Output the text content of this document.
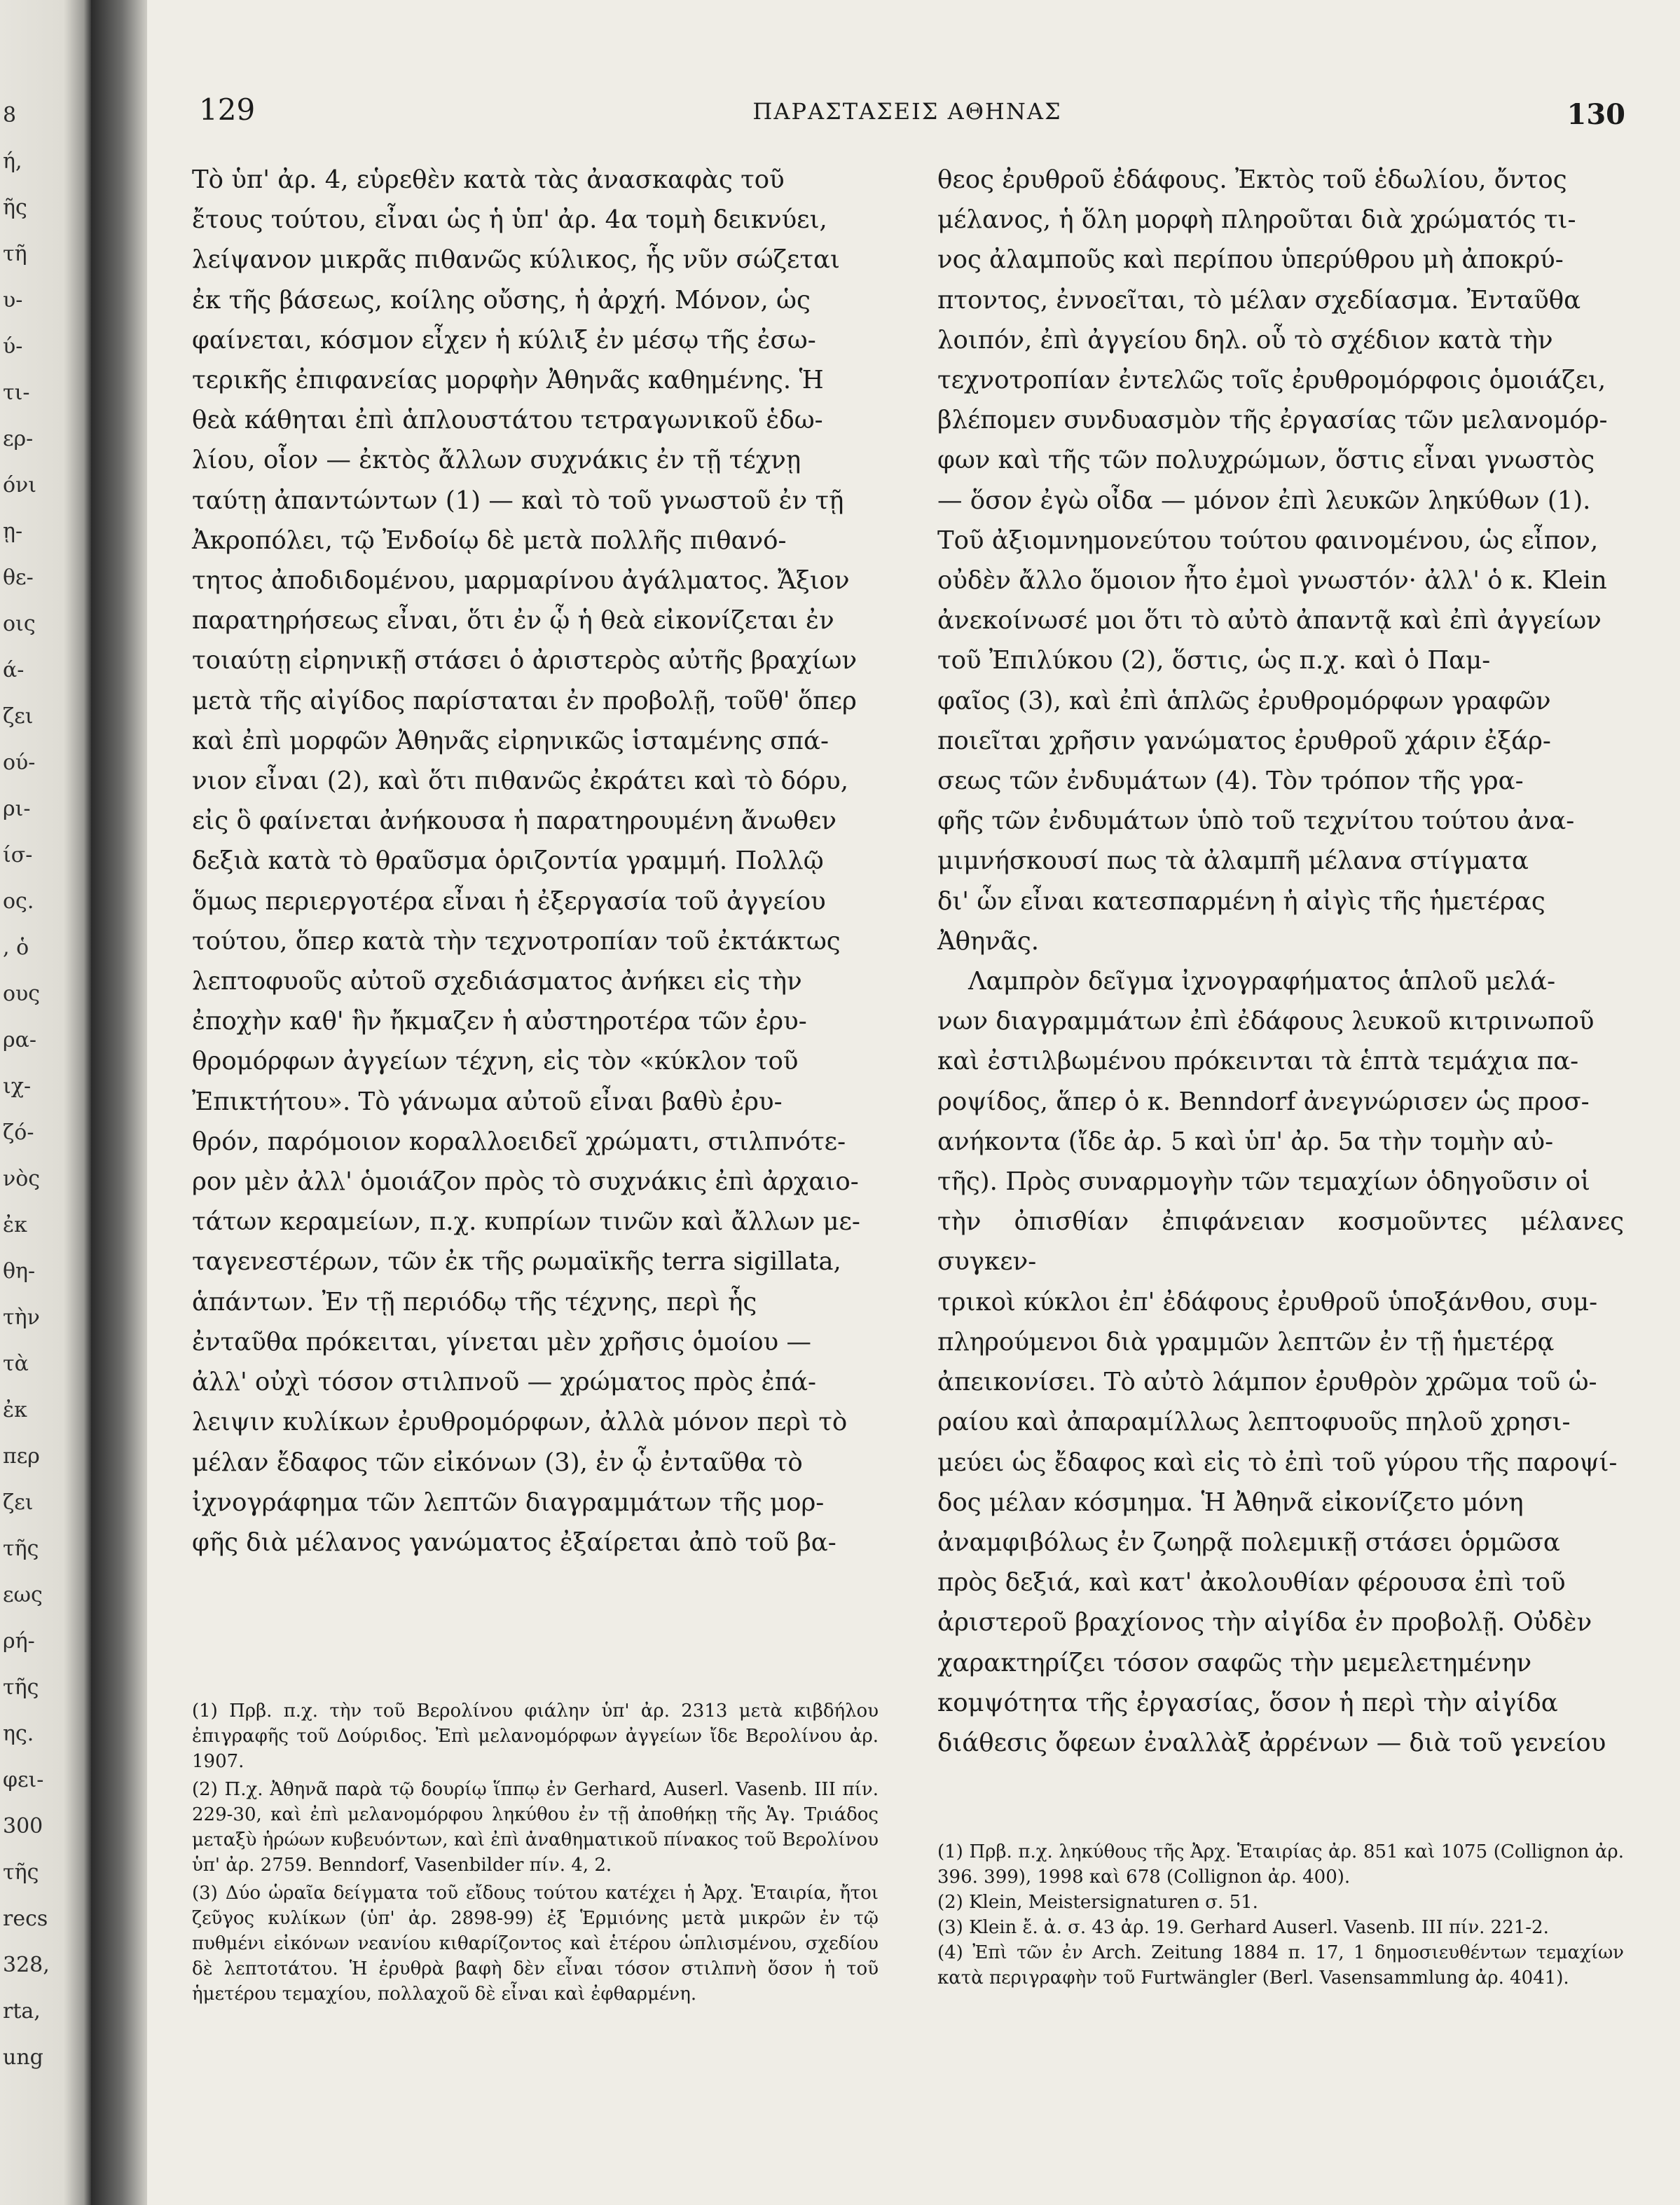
8
ή,
ῆς
τῆ
υ-
ύ-
τι-
ερ-
όνι
ῃ-
θε-
οις
ά-
ζει
ού-
ρι-
ίσ-
ος.
, ὁ
ους
ρα-
ιχ-
ζό-
νὸς
ἐκ
θη-
τὴν
τὰ
ἐκ
περ
ζει
τῆς
εως
ρή-
τῆς
ης.
φει-
300
τῆς
recs
328,
rta,
ung
129	ΠΑΡΑΣΤΑΣΕΙΣ ΑΘΗΝΑΣ	130

Τὸ ὑπ' ἀρ. 4, εὑρεθὲν κατὰ τὰς ἀνασκαφὰς τοῦ

ἔτους τούτου, εἶναι ὡς ἡ ὑπ' ἀρ. 4α τομὴ δεικνύει,

λείψανον μικρᾶς πιθανῶς κύλικος, ἧς νῦν σώζεται

ἐκ τῆς βάσεως, κοίλης οὔσης, ἡ ἀρχή. Μόνον, ὡς

φαίνεται, κόσμον εἶχεν ἡ κύλιξ ἐν μέσῳ τῆς ἐσω-

τερικῆς ἐπιφανείας μορφὴν Ἀθηνᾶς καθημένης. Ἡ

θεὰ κάθηται ἐπὶ ἁπλουστάτου τετραγωνικοῦ ἑδω-

λίου, οἷον — ἐκτὸς ἄλλων συχνάκις ἐν τῇ τέχνῃ

ταύτῃ ἀπαντώντων (1) — καὶ τὸ τοῦ γνωστοῦ ἐν τῇ

Ἀκροπόλει, τῷ Ἐνδοίῳ δὲ μετὰ πολλῆς πιθανό-

τητος ἀποδιδομένου, μαρμαρίνου ἀγάλματος. Ἄξιον

παρατηρήσεως εἶναι, ὅτι ἐν ᾧ ἡ θεὰ εἰκονίζεται ἐν

τοιαύτῃ εἰρηνικῇ στάσει ὁ ἀριστερὸς αὐτῆς βραχίων

μετὰ τῆς αἰγίδος παρίσταται ἐν προβολῇ, τοῦθ' ὅπερ

καὶ ἐπὶ μορφῶν Ἀθηνᾶς εἰρηνικῶς ἱσταμένης σπά-

νιον εἶναι (2), καὶ ὅτι πιθανῶς ἐκράτει καὶ τὸ δόρυ,

εἰς ὃ φαίνεται ἀνήκουσα ἡ παρατηρουμένη ἄνωθεν

δεξιὰ κατὰ τὸ θραῦσμα ὁριζοντία γραμμή. Πολλῷ

ὅμως περιεργοτέρα εἶναι ἡ ἐξεργασία τοῦ ἀγγείου

τούτου, ὅπερ κατὰ τὴν τεχνοτροπίαν τοῦ ἐκτάκτως

λεπτοφυοῦς αὐτοῦ σχεδιάσματος ἀνήκει εἰς τὴν

ἐποχὴν καθ' ἣν ἤκμαζεν ἡ αὐστηροτέρα τῶν ἐρυ-

θρομόρφων ἀγγείων τέχνη, εἰς τὸν «κύκλον τοῦ

Ἐπικτήτου». Τὸ γάνωμα αὐτοῦ εἶναι βαθὺ ἐρυ-

θρόν, παρόμοιον κοραλλοειδεῖ χρώματι, στιλπνότε-

ρον μὲν ἀλλ' ὁμοιάζον πρὸς τὸ συχνάκις ἐπὶ ἀρχαιο-

τάτων κεραμείων, π.χ. κυπρίων τινῶν καὶ ἄλλων με-

ταγενεστέρων, τῶν ἐκ τῆς ρωμαϊκῆς terra sigillata,

ἁπάντων. Ἐν τῇ περιόδῳ τῆς τέχνης, περὶ ἧς

ἐνταῦθα πρόκειται, γίνεται μὲν χρῆσις ὁμοίου —

ἀλλ' οὐχὶ τόσον στιλπνοῦ — χρώματος πρὸς ἐπά-

λειψιν κυλίκων ἐρυθρομόρφων, ἀλλὰ μόνον περὶ τὸ

μέλαν ἔδαφος τῶν εἰκόνων (3), ἐν ᾧ ἐνταῦθα τὸ

ἰχνογράφημα τῶν λεπτῶν διαγραμμάτων τῆς μορ-

φῆς διὰ μέλανος γανώματος ἐξαίρεται ἀπὸ τοῦ βα-

θεος ἐρυθροῦ ἐδάφους. Ἐκτὸς τοῦ ἑδωλίου, ὄντος

μέλανος, ἡ ὅλη μορφὴ πληροῦται διὰ χρώματός τι-

νος ἀλαμποῦς καὶ περίπου ὑπερύθρου μὴ ἀποκρύ-

πτοντος, ἐννοεῖται, τὸ μέλαν σχεδίασμα. Ἐνταῦθα

λοιπόν, ἐπὶ ἀγγείου δηλ. οὗ τὸ σχέδιον κατὰ τὴν

τεχνοτροπίαν ἐντελῶς τοῖς ἐρυθρομόρφοις ὁμοιάζει,

βλέπομεν συνδυασμὸν τῆς ἐργασίας τῶν μελανομόρ-

φων καὶ τῆς τῶν πολυχρώμων, ὅστις εἶναι γνωστὸς

— ὅσον ἐγὼ οἶδα — μόνον ἐπὶ λευκῶν ληκύθων (1).

Τοῦ ἀξιομνημονεύτου τούτου φαινομένου, ὡς εἶπον,

οὐδὲν ἄλλο ὅμοιον ἦτο ἐμοὶ γνωστόν· ἀλλ' ὁ κ. Klein

ἀνεκοίνωσέ μοι ὅτι τὸ αὐτὸ ἀπαντᾷ καὶ ἐπὶ ἀγγείων

τοῦ Ἐπιλύκου (2), ὅστις, ὡς π.χ. καὶ ὁ Παμ-

φαῖος (3), καὶ ἐπὶ ἁπλῶς ἐρυθρομόρφων γραφῶν

ποιεῖται χρῆσιν γανώματος ἐρυθροῦ χάριν ἐξάρ-

σεως τῶν ἐνδυμάτων (4). Τὸν τρόπον τῆς γρα-

φῆς τῶν ἐνδυμάτων ὑπὸ τοῦ τεχνίτου τούτου ἀνα-

μιμνήσκουσί πως τὰ ἀλαμπῆ μέλανα στίγματα

δι' ὧν εἶναι κατεσπαρμένη ἡ αἰγὶς τῆς ἡμετέρας

Ἀθηνᾶς.

Λαμπρὸν δεῖγμα ἰχνογραφήματος ἁπλοῦ μελά-

νων διαγραμμάτων ἐπὶ ἐδάφους λευκοῦ κιτρινωποῦ

καὶ ἐστιλβωμένου πρόκεινται τὰ ἑπτὰ τεμάχια πα-

ροψίδος, ἅπερ ὁ κ. Benndorf ἀνεγνώρισεν ὡς προσ-

ανήκοντα (ἴδε ἀρ. 5 καὶ ὑπ' ἀρ. 5α τὴν τομὴν αὐ-

τῆς). Πρὸς συναρμογὴν τῶν τεμαχίων ὁδηγοῦσιν οἱ

τὴν ὀπισθίαν ἐπιφάνειαν κοσμοῦντες μέλανες συγκεν-

τρικοὶ κύκλοι ἐπ' ἐδάφους ἐρυθροῦ ὑποξάνθου, συμ-

πληρούμενοι διὰ γραμμῶν λεπτῶν ἐν τῇ ἡμετέρᾳ

ἀπεικονίσει. Τὸ αὐτὸ λάμπον ἐρυθρὸν χρῶμα τοῦ ὡ-

ραίου καὶ ἀπαραμίλλως λεπτοφυοῦς πηλοῦ χρησι-

μεύει ὡς ἔδαφος καὶ εἰς τὸ ἐπὶ τοῦ γύρου τῆς παροψί-

δος μέλαν κόσμημα. Ἡ Ἀθηνᾶ εἰκονίζετο μόνη

ἀναμφιβόλως ἐν ζωηρᾷ πολεμικῇ στάσει ὁρμῶσα

πρὸς δεξιά, καὶ κατ' ἀκολουθίαν φέρουσα ἐπὶ τοῦ

ἀριστεροῦ βραχίονος τὴν αἰγίδα ἐν προβολῇ. Οὐδὲν

χαρακτηρίζει τόσον σαφῶς τὴν μεμελετημένην

κομψότητα τῆς ἐργασίας, ὅσον ἡ περὶ τὴν αἰγίδα

διάθεσις ὄφεων ἐναλλὰξ ἀρρένων — διὰ τοῦ γενείου

(1) Πρβ. π.χ. τὴν τοῦ Βερολίνου φιάλην ὑπ' ἀρ. 2313 μετὰ κιβδήλου ἐπιγραφῆς τοῦ Δούριδος. Ἐπὶ μελανομόρφων ἀγγείων ἴδε Βερολίνου ἀρ. 1907.

(2) Π.χ. Ἀθηνᾶ παρὰ τῷ δουρίῳ ἵππῳ ἐν Gerhard, Auserl. Vasenb. III πίν. 229-30, καὶ ἐπὶ μελανομόρφου ληκύθου ἐν τῇ ἀποθήκῃ τῆς Ἁγ. Τριάδος μεταξὺ ἡρώων κυβευόντων, καὶ ἐπὶ ἀναθηματικοῦ πίνακος τοῦ Βερολίνου ὑπ' ἀρ. 2759. Benndorf, Vasenbilder πίν. 4, 2.

(3) Δύο ὡραῖα δείγματα τοῦ εἴδους τούτου κατέχει ἡ Ἀρχ. Ἑταιρία, ἤτοι ζεῦγος κυλίκων (ὑπ' ἀρ. 2898-99) ἐξ Ἑρμιόνης μετὰ μικρῶν ἐν τῷ πυθμένι εἰκόνων νεανίου κιθαρίζοντος καὶ ἑτέρου ὡπλισμένου, σχεδίου δὲ λεπτοτάτου. Ἡ ἐρυθρὰ βαφὴ δὲν εἶναι τόσον στιλπνὴ ὅσον ἡ τοῦ ἡμετέρου τεμαχίου, πολλαχοῦ δὲ εἶναι καὶ ἐφθαρμένη.

(1) Πρβ. π.χ. ληκύθους τῆς Ἀρχ. Ἑταιρίας ἀρ. 851 καὶ 1075 (Collignon ἀρ. 396. 399), 1998 καὶ 678 (Collignon ἀρ. 400).

(2) Klein, Meistersignaturen σ. 51.

(3) Klein ἔ. ἀ. σ. 43 ἀρ. 19. Gerhard Auserl. Vasenb. III πίν. 221-2.

(4) Ἐπὶ τῶν ἐν Arch. Zeitung 1884 π. 17, 1 δημοσιευθέντων τεμαχίων κατὰ περιγραφὴν τοῦ Furtwängler (Berl. Vasensammlung ἀρ. 4041).
